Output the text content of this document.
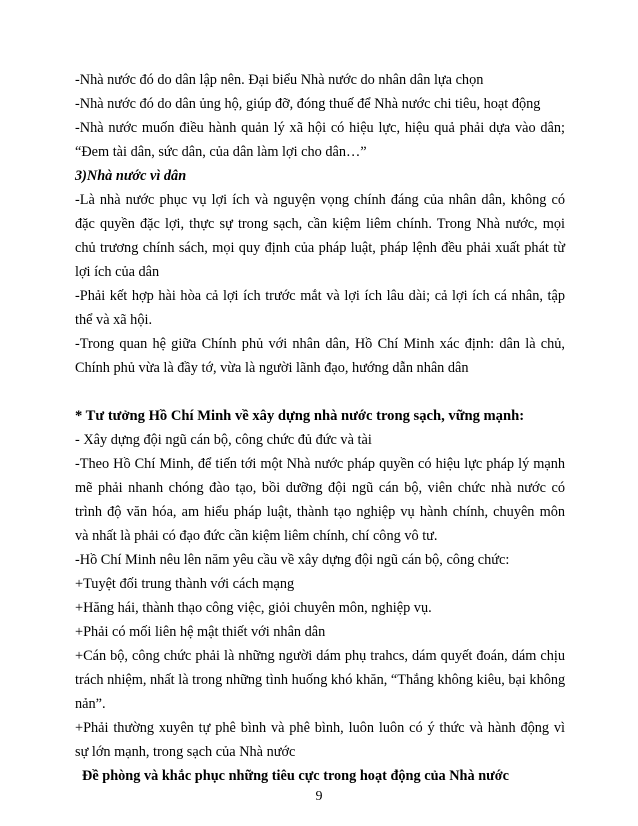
-Nhà nước đó do dân lập nên. Đại biểu Nhà nước do nhân dân lựa chọn
-Nhà nước đó do dân ủng hộ, giúp đỡ, đóng thuế để Nhà nước chi tiêu, hoạt động
-Nhà nước muốn điều hành quản lý xã hội có hiệu lực, hiệu quả phải dựa vào dân;
“Đem tài dân, sức dân, của dân làm lợi cho dân…”
3)Nhà nước vì dân
-Là nhà nước phục vụ lợi ích và nguyện vọng chính đáng của nhân dân, không có
đặc quyền đặc lợi, thực sự trong sạch, cần kiệm liêm chính. Trong Nhà nước, mọi
chủ trương chính sách, mọi quy định của pháp luật, pháp lệnh đều phải xuất phát từ
lợi ích của dân
-Phải kết hợp hài hòa cả lợi ích trước mắt và lợi ích lâu dài; cả lợi ích cá nhân, tập
thể và xã hội.
-Trong quan hệ giữa Chính phủ với nhân dân, Hồ Chí Minh xác định: dân là chủ,
Chính phủ vừa là đầy tớ, vừa là người lãnh đạo, hướng dẫn nhân dân
* Tư tưởng Hồ Chí Minh về xây dựng nhà nước trong sạch, vững mạnh:
- Xây dựng đội ngũ cán bộ, công chức đủ đức và tài
-Theo Hồ Chí Minh, để tiến tới một Nhà nước pháp quyền có hiệu lực pháp lý mạnh
mẽ phải nhanh chóng đào tạo, bồi dưỡng đội ngũ cán bộ, viên chức nhà nước có
trình độ văn hóa, am hiểu pháp luật, thành tạo nghiệp vụ hành chính, chuyên môn
và nhất là phải có đạo đức cần kiệm liêm chính, chí công vô tư.
-Hồ Chí Minh nêu lên năm yêu cầu về xây dựng đội ngũ cán bộ, công chức:
+Tuyệt đối trung thành với cách mạng
+Hăng hái, thành thạo công việc, giỏi chuyên môn, nghiệp vụ.
+Phải có mối liên hệ mật thiết với nhân dân
+Cán bộ, công chức phải là những người dám phụ trahcs, dám quyết đoán, dám chịu
trách nhiệm, nhất là trong những tình huống khó khăn, “Thắng không kiêu, bại không
nản”.
+Phải thường xuyên tự phê bình và phê bình, luôn luôn có ý thức và hành động vì
sự lớn mạnh, trong sạch của Nhà nước
Đề phòng và khắc phục những tiêu cực trong hoạt động của Nhà nước
9
